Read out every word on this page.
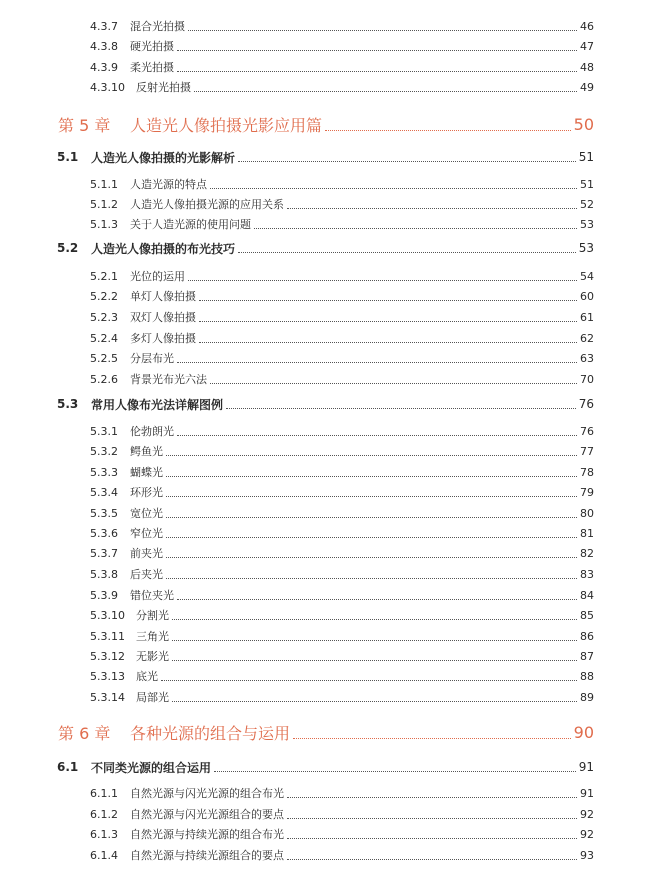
4.3.7 混合光拍摄	46
4.3.8 硬光拍摄	47
4.3.9 柔光拍摄	48
4.3.10 反射光拍摄	49
第 5 章 人造光人像拍摄光影应用篇	50
5.1 人造光人像拍摄的光影解析	51
5.1.1 人造光源的特点	51
5.1.2 人造光人像拍摄光源的应用关系	52
5.1.3 关于人造光源的使用问题	53
5.2 人造光人像拍摄的布光技巧	53
5.2.1 光位的运用	54
5.2.2 单灯人像拍摄	60
5.2.3 双灯人像拍摄	61
5.2.4 多灯人像拍摄	62
5.2.5 分层布光	63
5.2.6 背景光布光六法	70
5.3 常用人像布光法详解图例	76
5.3.1 伦勃朗光	76
5.3.2 鳄鱼光	77
5.3.3 蝴蝶光	78
5.3.4 环形光	79
5.3.5 宽位光	80
5.3.6 窄位光	81
5.3.7 前夹光	82
5.3.8 后夹光	83
5.3.9 错位夹光	84
5.3.10 分割光	85
5.3.11 三角光	86
5.3.12 无影光	87
5.3.13 底光	88
5.3.14 局部光	89
第 6 章 各种光源的组合与运用	90
6.1 不同类光源的组合运用	91
6.1.1 自然光源与闪光光源的组合布光	91
6.1.2 自然光源与闪光光源组合的要点	92
6.1.3 自然光源与持续光源的组合布光	92
6.1.4 自然光源与持续光源组合的要点	93
